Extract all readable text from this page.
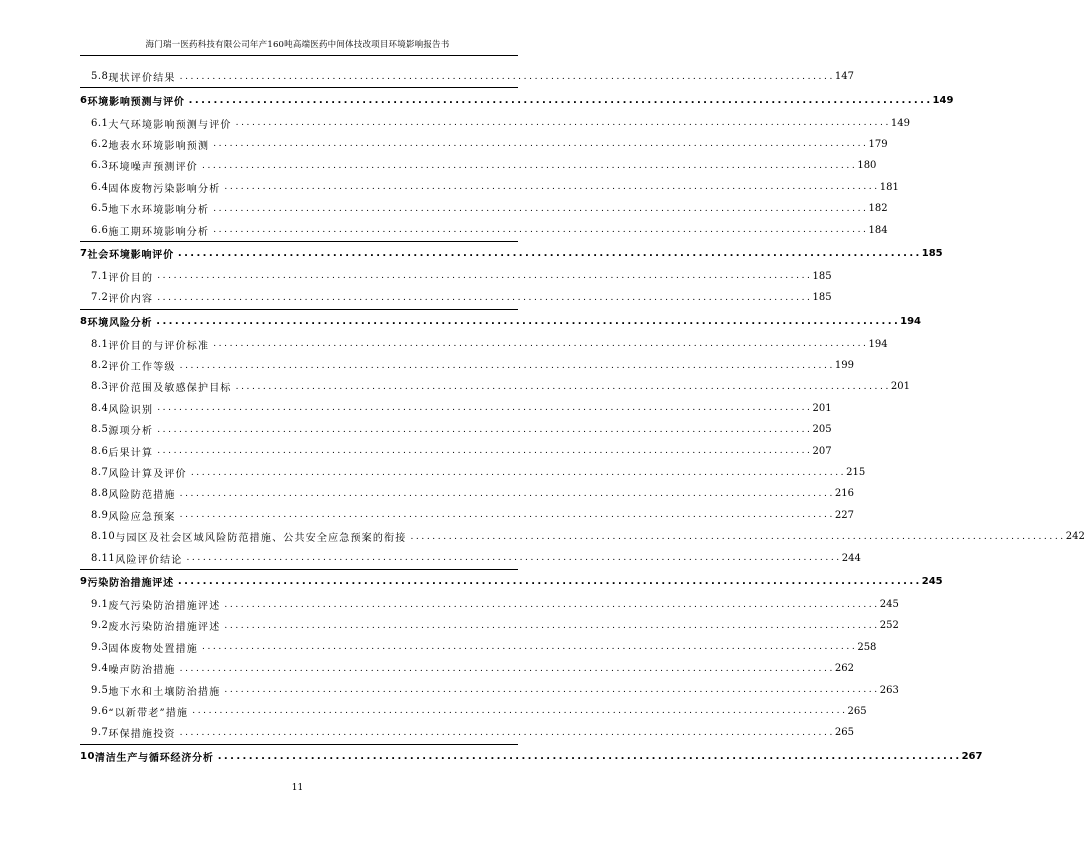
海门瑞一医药科技有限公司年产160吨高端医药中间体技改项目环境影响报告书
5.8 现状评价结果 ........................................................................................................................ 147
6 环境影响预测与评价 ........................................................................................................................ 149
6.1 大气环境影响预测与评价 ........................................................................................................................ 149
6.2 地表水环境影响预测 ........................................................................................................................ 179
6.3 环境噪声预测评价 ........................................................................................................................ 180
6.4 固体废物污染影响分析 ........................................................................................................................ 181
6.5 地下水环境影响分析 ........................................................................................................................ 182
6.6 施工期环境影响分析 ........................................................................................................................ 184
7 社会环境影响评价 ........................................................................................................................ 185
7.1 评价目的 ........................................................................................................................ 185
7.2 评价内容 ........................................................................................................................ 185
8 环境风险分析 ........................................................................................................................ 194
8.1 评价目的与评价标准 ........................................................................................................................ 194
8.2 评价工作等级 ........................................................................................................................ 199
8.3 评价范围及敏感保护目标 ........................................................................................................................ 201
8.4 风险识别 ........................................................................................................................ 201
8.5 源项分析 ........................................................................................................................ 205
8.6 后果计算 ........................................................................................................................ 207
8.7 风险计算及评价 ........................................................................................................................ 215
8.8 风险防范措施 ........................................................................................................................ 216
8.9 风险应急预案 ........................................................................................................................ 227
8.10 与园区及社会区域风险防范措施、公共安全应急预案的衔接 ........................................................................................................................ 242
8.11 风险评价结论 ........................................................................................................................ 244
9 污染防治措施评述 ........................................................................................................................ 245
9.1 废气污染防治措施评述 ........................................................................................................................ 245
9.2 废水污染防治措施评述 ........................................................................................................................ 252
9.3 固体废物处置措施 ........................................................................................................................ 258
9.4 噪声防治措施 ........................................................................................................................ 262
9.5 地下水和土壤防治措施 ........................................................................................................................ 263
9.6 “以新带老”措施 ........................................................................................................................ 265
9.7 环保措施投资 ........................................................................................................................ 265
10 清洁生产与循环经济分析 ........................................................................................................................ 267
11
